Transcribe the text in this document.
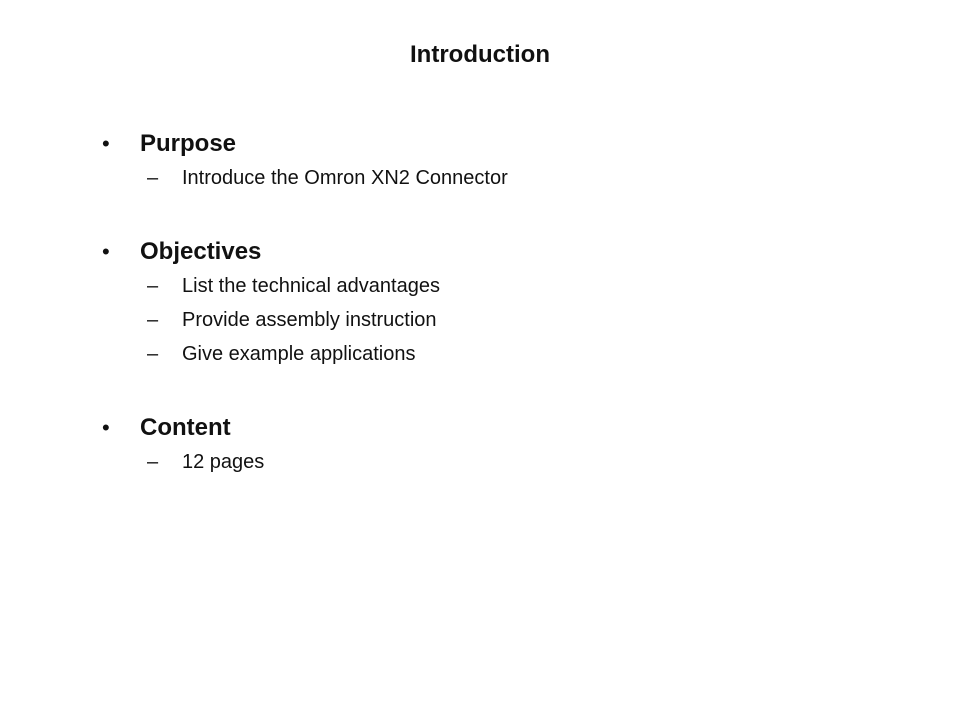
Introduction
•	Purpose
–	Introduce the Omron XN2 Connector
•	Objectives
–	List the technical advantages
–	Provide assembly instruction
–	Give example applications
•	Content
–	12 pages
